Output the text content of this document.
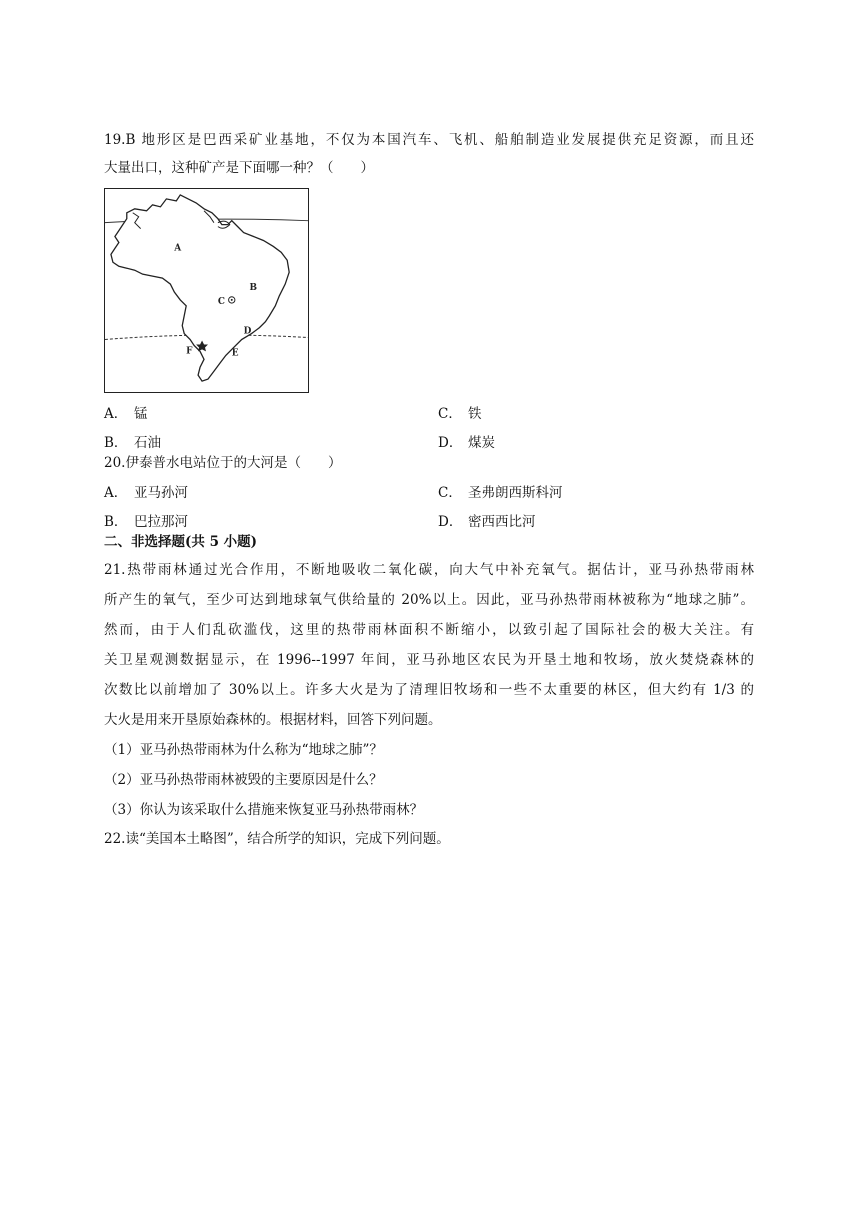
19.B 地形区是巴西采矿业基地，不仅为本国汽车、飞机、船舶制造业发展提供充足资源，而且还
大量出口，这种矿产是下面哪一种？（　　）
A
B
C
D
E
F
A． 锰	C． 铁
B． 石油	D． 煤炭
20.伊泰普水电站位于的大河是（　　）
A． 亚马孙河	C． 圣弗朗西斯科河
B． 巴拉那河	D． 密西西比河
二、非选择题(共 5 小题)
21.热带雨林通过光合作用，不断地吸收二氧化碳，向大气中补充氧气。据估计，亚马孙热带雨林
所产生的氧气，至少可达到地球氧气供给量的 20%以上。因此，亚马孙热带雨林被称为“地球之肺”。
然而，由于人们乱砍滥伐，这里的热带雨林面积不断缩小，以致引起了国际社会的极大关注。有
关卫星观测数据显示，在 1996--1997 年间，亚马孙地区农民为开垦土地和牧场，放火焚烧森林的
次数比以前增加了 30%以上。许多大火是为了清理旧牧场和一些不太重要的林区，但大约有 1/3 的
大火是用来开垦原始森林的。根据材料，回答下列问题。
（1）亚马孙热带雨林为什么称为“地球之肺”？
（2）亚马孙热带雨林被毁的主要原因是什么？
（3）你认为该采取什么措施来恢复亚马孙热带雨林？
22.读“美国本土略图”，结合所学的知识，完成下列问题。
